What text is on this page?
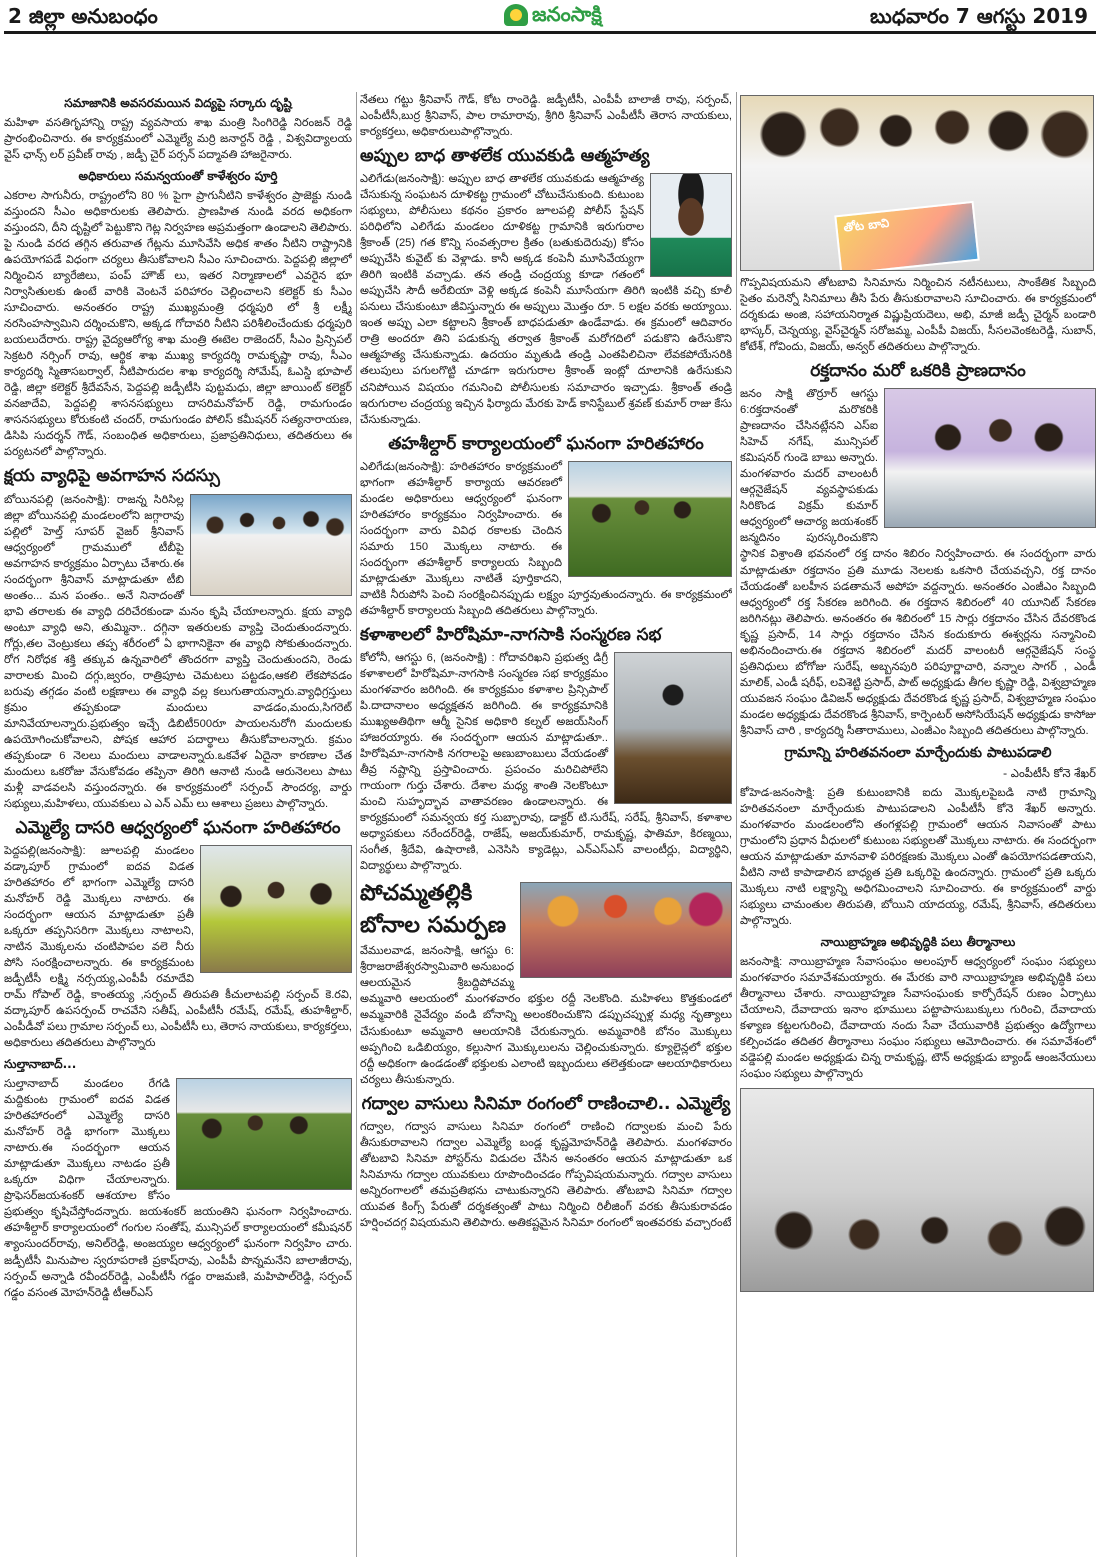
2 జిల్లా అనుబంధం	జనంసాక్షి	బుధవారం 7 ఆగస్టు 2019
సమాజానికి అవసరమయిన విద్యపై సర్కారు దృష్టి
మహిళా వసతిగృహాన్ని రాష్ట్ర వ్యవసాయ శాఖ మంత్రి సింగిరెడ్డి నిరంజన్ రెడ్డి ప్రారంభించినారు. ఈ కార్యక్రమంలో ఎమ్మెల్యే మర్రి జనార్దన్ రెడ్డి , విశ్వవిద్యాలయ వైస్ ఛాన్స్ లర్ ప్రవీణ్ రావు , జడ్పీ చైర్ పర్సన్ పద్మావతి హాజరైనారు.
అధికారులు సమన్వయంతో కాళేశ్వరం పూర్తి
ఎకరాల సాగునీరు, రాష్ట్రంలోని 80 % పైగా ప్రాగునీటిని కాళేశ్వరం ప్రాజెక్టు నుండి వస్తుందని సీఎం అధికారులకు తెలిపారు. ప్రాణహిత నుండి వరద అధికంగా వస్తుందని, దీని దృష్టిలో పెట్టుకొని గెట్ల నిర్వహణ అప్రమత్తంగా ఉండాలని తెలిపారు. పై నుండి వరద తగ్గిన తరువాత గేట్లను మూసివేసి అధిక శాతం నీటిని రాష్ట్రానికి ఉపయోగపడే విధంగా చర్యలు తీసుకోవాలని సీఎం సూచించారు. పెద్దపల్లి జిల్లాలో నిర్మించిన బ్యారేజిలు, పంప్ హౌజ్ లు, ఇతర నిర్మాణాలలో ఎవరైన భూ నిర్వాసితులకు ఉంటే వారికి వెంటనే పరిహారం చెల్లించాలని కలెక్టర్ కు సీఎం సూచించారు. అనంతరం రాష్ట్ర ముఖ్యమంత్రి ధర్మపురి లో శ్రీ లక్ష్మీ నరసింహస్వామిని దర్శించుకొని, అక్కడ గోదావరి నీటిని పరిశీలించేందుకు ధర్మపురి బయలుదేరారు. రాష్ట్ర వైద్యఆరోగ్య శాఖ మంత్రి ఈటెల రాజెందర్, సీఎం ప్రిన్సిపల్ సెక్రటరి నర్సింగ్ రావు, ఆర్థిక శాఖ ముఖ్య కార్యదర్శి రామకృష్ణా రావు, సీఎం కార్యదర్శి స్మితాసబర్వాల్, నీటిపారుదల శాఖ కార్యదర్శి సోమేష్, ఓఎస్డి భూపాల్ రెడ్డి, జిల్లా కలెక్టర్ శ్రీదేవసేన, పెద్దపల్లి జడ్పీటీసి పుట్టమధు, జిల్లా జాయింట్ కలెక్టర్ వనజాదేవి, పెద్దపల్లి శాసనసభ్యులు దాసరిమనోహర్ రెడ్డి, రామగుండం శాసనసభ్యులు కోరుకంటి చందర్, రామగుండం పోలిస్ కమీషనర్ సత్యనారాయణ, డిసిపి సుదర్శన్ గౌడ్, సంబంధిత అధికారులు, ప్రజాప్రతినిధులు, తదితరులు ఈ పర్యటనలో పాల్గొన్నారు.
క్షయ వ్యాధిపై అవగాహన సదస్సు
బోయినపల్లి (జనంసాక్షి): రాజన్న సిరిసిల్ల జిల్లా బోయినపల్లి మండలంలోని జగ్గారావు పల్లిలో హెల్త్ సూపర్ వైజర్ శ్రీనివాస్ ఆధ్వర్యంలో గ్రామములో టీబీపై అవగాహన కార్యక్రమం ఏర్పాటు చేశారు.ఈ సందర్భంగా శ్రీనివాస్ మాట్లాడుతూ టీబి అంతం... మన పంతం.. అనే నినాదంతో భావి తరాలకు ఈ వ్యాధి దరిచేరకుండా మనం కృషి చేయాలన్నారు. క్షయ వ్యాధి అంటూ వ్యాధి అని, తుమ్మినా.. దగ్గినా ఇతరులకు వ్యాప్తి చెందుతుందన్నారు. గోర్లు,తల వెంట్రుకలు తప్ప శరీరంలో ఏ భాగానికైనా ఈ వ్యాధి సోకుతుందన్నారు. రోగ నిరోధక శక్తి తక్కువ ఉన్నవారిలో తొందరగా వ్యాప్తి చెందుతుందని, రెండు వారాలకు మించి దగ్గు,జ్వరం, రాత్రిపూట చెమటలు పట్టడం,ఆకలి లేకపోవడం బరువు తగ్గడం వంటి లక్షణాలు ఈ వ్యాధి వల్ల కలుగుతాయన్నారు.వ్యాధిగ్రస్తులు క్రమం తప్పకుండా మందులు వాడడం,మందు,సిగరెట్ మానివేయాలన్నారు.ప్రభుత్వం ఇచ్చే డిబిటీ500రూ పాయలనురోగి మందులకు ఉపయోగించుకోవాలని, పోషక ఆహార పదార్థాలు తీసుకోవాలన్నారు. క్రమం తప్పకుండా 6 నెలలు మందులు వాడాలన్నారు.ఒకవేళ ఏదైనా కారణాల చేత మందులు ఒకరోజు వేసుకోవడం తప్పినా తిరిగి ఆనాటి నుండి ఆరునెలలు పాటు మళ్లీ వాడవలసి వస్తుందన్నారు. ఈ కార్యక్రమంలో సర్పంచ్ సౌందర్య, వార్డు సభ్యులు,మహిళలు, యువకులు ఎ ఎన్ ఎమ్ లు ఆశాలు ప్రజలు పాల్గొన్నారు.
ఎమ్మెల్యే దాసరి ఆధ్వర్యంలో ఘనంగా హరితహారం
పెద్దపల్లి(జనంసాక్షి): జూలపల్లి మండలం వడ్కాపూర్ గ్రామంలో ఐదవ విడత హరితహారం లో భాగంగా ఎమ్మెల్యే దాసరి మనోహర్ రెడ్డి మొక్కలు నాటారు. ఈ సందర్భంగా ఆయన మాట్లాడుతూ ప్రతీ ఒక్కరూ తప్పనిసరిగా మొక్కలు నాటాలని, నాటిన మొక్కలను చంటిపాపల వలె నీరు పోసి సంరక్షించాలన్నారు. ఈ కార్యక్రమంట జడ్పీటీసీ లక్ష్మి నర్సయ్య,ఎంపీపీ రమాదేవి రామ్ గోపాల్ రెడ్డి, కాంతయ్య ,సర్పంచ్ తిరుపతి కీచులాటపల్లి సర్పంచ్ కె.రవి, వద్కాపూర్ ఉపసర్పంచ్ రాచవేని సతీష్, ఎంపీటీసీ రమేష్, రమేష్, తుహశీల్దార్, ఎంపీడీవో పలు గ్రామాల సర్పంచ్ లు, ఎంపీటీసీ లు, తెరాస నాయకులు, కార్యకర్తలు, అధికారులు తదితరులు పాల్గొన్నారు
సుల్తానాబాద్...
సుల్తానాబాద్ మండలం రేగడి మద్దికుంట గ్రామంలో ఐదవ విడత హరితహారంలో ఎమ్మెల్యే దాసరి మనోహర్ రెడ్డి భాగంగా మొక్కలు నాటారు.ఈ సందర్భంగా ఆయన మాట్లాడుతూ మొక్కలు నాటడం ప్రతీ ఒక్కరూ విధిగా చేయాలన్నారు. ప్రొఫెసర్‌జయశంకర్ ఆశయాల కోసం ప్రభుత్వం కృషిచేస్తోందన్నారు. జయశంకర్ జయంతిని ఘనంగా నిర్వహించారు. తహశీల్దార్ కార్యాలయంలో గంగుల సంతోష్, మున్సిపల్ కార్యాలయంలో కమీషనర్ శ్యాంసుందర్‌రావు, అనిల్‌రెడ్డి, అంజయ్యల ఆధ్వర్యంలో ఘనంగా నిర్వహిం చారు. జడ్పీటీసీ మినుపాల స్వరూపరాణి ప్రకాష్‌రావు, ఎంపీపీ పొన్నమనేని బాలాజీరావు, సర్పంచ్ అన్నాడి రవీందర్‌రెడ్డి, ఎంపీటీసీ గడ్డం రాజమణి, మహిపాల్‌రెడ్డి, సర్పంచ్ గడ్డం వసంత మోహన్‌రెడ్డి టీఆర్ఎస్
నేతలు గట్టు శ్రీనివాస్ గౌడ్, కోట రాంరెడ్డి. జడ్పీటీసీ, ఎంపీపీ బాలాజీ రావు, సర్పంచ్, ఎంపీటీసీ,బుర్ర శ్రీనివాస్, పాల రామారావు, శ్రీగిరి శ్రీనివాస్ ఎంపీటీసీ తెరాస నాయకులు, కార్యకర్తలు, అధికారులుపాల్గొన్నారు.
అప్పుల బాధ తాళలేక యువకుడి ఆత్మహత్య
ఎలిగేడు(జనంసాక్షి): అప్పుల బాధ తాళలేక యువకుడు ఆత్మహత్య చేసుకున్న సంఘటన దూళికట్ట గ్రామంలో చోటుచేసుకుంది. కుటుంబ సభ్యులు, పోలీసులు కథనం ప్రకారం జూలపల్లి పోలీస్ స్టేషన్ పరిధిలోని ఎలిగేడు మండలం దూళికట్ట గ్రామానికి ఇరుగురాల శ్రీకాంత్ (25) గత కొన్ని సంవత్సరాల క్రితం (బతుకుదెరువు) కోసం అప్పుచేసి కువైట్ కు వెళ్లాడు. కానీ అక్కడ కంపెనీ మూసివేయ్యగా తిరిగి ఇంటికి వచ్చాడు. తన తండ్రి చంద్రయ్య కూడా గతంలో అప్పుచేసి సౌదీ అరేబియా వెళ్లి అక్కడ కంపెనీ మూసేయగా తిరిగి ఇంటికి వచ్చి కూలీ పనులు చేసుకుంటూ జీవిస్తున్నారు ఈ అప్పులు మొత్తం రూ. 5 లక్షల వరకు అయ్యాయి. ఇంత అప్పు ఎలా కట్టాలని శ్రీకాంత్ బాధపడుతూ ఉండేవాడు. ఈ క్రమంలో ఆదివారం రాత్రి అందరూ తిని పడుకున్న తర్వాత శ్రీకాంత్ మరోగదిలో పడుకొని ఉరేసుకొని ఆత్మహత్య చేసుకున్నాడు. ఉదయం మృతుడి తండ్రి ఎంతపిలిచినా లేవకపోయేసరికి తలుపులు పగులగొట్టి చూడగా ఇరుగురాల శ్రీకాంత్ ఇంట్లో దూలానికి ఉరేసుకుని చనిపోయిన విషయం గమనించి పోలీసులకు సమాచారం ఇచ్చాడు. శ్రీకాంత్ తండ్రి ఇరుగురాల చంద్రయ్య ఇచ్చిన ఫిర్యాదు మేరకు హెడ్ కానిస్టేబుల్ శ్రవణ్ కుమార్ రాజు కేసు చేసుకున్నాడు.
తహశీల్దార్ కార్యాలయంలో ఘనంగా హరితహారం
ఎలిగేడు(జనంసాక్షి): హరితహారం కార్యక్రమంలో భాగంగా తహశీల్దార్ కార్యాయ ఆవరణలో మండల అధికారులు ఆధ్వర్యంలో ఘనంగా హరితహారం కార్యక్రమం నిర్వహించారు. ఈ సందర్భంగా వారు వివిధ రకాలకు చెందిన సమారు 150 మొక్కలు నాటారు. ఈ సందర్భంగా తహశీల్దార్ కార్యాలయ సిబ్బంది మాట్లాడుతూ మొక్కలు నాటితే పూర్తికాదని, వాటికి నీరుపోసి పెంచి సంరక్షించినప్పుడు లక్ష్యం పూర్తవుతుందన్నారు. ఈ కార్యక్రమంలో తహశీల్దార్ కార్యాలయ సిబ్బంది తదితరులు పాల్గొన్నారు.
కళాశాలలో హిరోషిమా-నాగసాకి సంస్మరణ సభ
కోలోనీ, ఆగస్టు 6, (జనంసాక్షి) : గోదావరిఖని ప్రభుత్వ డిగ్రీ కళాశాలలో హిరోషిమా-నాగసాకి సంస్మరణ సభ కార్యక్రమం మంగళవారం జరిగింది. ఈ కార్యక్రమం కళాశాల ప్రిన్సిపాల్ పి.దాదానాలం అధ్యక్షతన జరిగింది. ఈ కార్యక్రమానికి ముఖ్యఅతిథిగా ఆర్మీ సైనిక అధికారి కల్నల్ అజయ్‌సింగ్ హాజరయ్యారు. ఈ సందర్భంగా ఆయన మాట్లాడుతూ.. హిరోషిమా-నాగసాకి నగరాలపై అణుబాంబులు వేయడంతో తీవ్ర నష్టాన్ని ప్రస్తావించారు. ప్రపంచం మరిచిపోలేని గాయంగా గుర్తు చేశారు. దేశాల మధ్య శాంతి నెలకొంటూ మంచి సుహృద్భావ వాతావరణం ఉండాలన్నారు. ఈ కార్యక్రమంలో సమన్వయ కర్త సుబ్బారావు, డాక్టర్ టి.సురేష్, సరేష్, శ్రీనివాస్, కళాశాల అధ్యాపకులు నరేందర్‌రెడ్డి, రాజేష్, అజయ్‌కుమార్, రామకృష్ణ, ఫాతిమా, కిరణ్మయి, సంగీత, శ్రీదేవి, ఉషారాణి, ఎనెసిసి క్యాడెట్లు, ఎన్ఎస్ఎస్ వాలంటీర్లు, విద్యార్థిని, విద్యార్థులు పాల్గొన్నారు.
పోచమ్మతల్లికి
బోనాల సమర్పణ
వేములవాడ, జనంసాక్షి, ఆగస్టు 6: శ్రీరాజరాజేశ్వరస్వామివారి అనుబంధ ఆలయమైన శ్రీబద్దిపోచమ్మ అమ్మవారి ఆలయంలో మంగళవారం భక్తుల రద్దీ నెలకొంది. మహిళలు కొత్తకుండలో అమ్మవారికి నైవేద్యం వండి బోనాన్ని అలంకరించుకొని డప్పుచప్పుళ్ల మధ్య నృత్యాలు చేసుకుంటూ అమ్మవారి ఆలయానికి చేరుకున్నారు. అమ్మవారికి బోనం మొక్కులు అప్పగించి ఒడిబియ్యం, కల్లుసాగ మొక్కులులను చెల్లించుకున్నారు. క్యూలైన్లలో భక్తుల రద్దీ అధికంగా ఉండడంతో భక్తులకు ఎలాంటి ఇబ్బందులు తలెత్తకుండా ఆలయాధికారులు చర్యలు తీసుకున్నారు.
గద్వాల వాసులు సినిమా రంగంలో రాణించాలి.. ఎమ్మెల్యే
గద్వాల, గద్వాస వాసులు సినిమా రంగంలో రాణించి గద్వాలకు మంచి పేరు తీసుకురావాలని గద్వాల ఎమ్మెల్యే బండ్ల కృష్ణమోహన్‌రెడ్డి తెలిపారు. మంగళవారం తోటబావి సినిమా పోస్టర్‌ను విడుదల చేసిన అనంతరం ఆయన మాట్లాడుతూ ఒక సినిమాను గద్వాల యువకులు రూపొందించడం గోప్పవిషయమన్నారు. గద్వాల వాసులు అన్నిరంగాలలో తమప్రతిభను చాటుకున్నారని తెలిపారు. తోటబావి సినిమా గద్వాల యువత కింగ్స్ పేరుతో దర్శకత్వంతో పాటు నిర్మించి రిలీజింగ్ వరకు తీసుకురావడం హర్షించదగ్గ విషయమని తెలిపారు. అతికష్టమైన సినిమా రంగంలో ఇంతవరకు వచ్చారంటే
తోట బావి
గొప్పవిషయమని తోటబావి సినిమాను నిర్మించిన నటీనటులు, సాంకేతిక సిబ్బంది సైతం మరెన్నో సినిమాలు తీసి పేరు తీసుకురావాలని సూచించారు. ఈ కార్యక్రమంలో దర్శకుడు అంజి, సహాయనిర్మాత విష్ణుప్రియదెలు, అభి, మాజీ జడ్పీ చైర్మన్ బండారి భాస్కర్, చెన్నయ్య, వైస్‌చైర్మన్ సరోజమ్మ, ఎంపీపీ విజయ్, సీసలవెంకటరెడ్డి, సుబాన్, కోటేశ్, గోవిందు, విజయ్, అన్వర్ తదితరులు పాల్గొన్నారు.
రక్తదానం మరో ఒకరికి ప్రాణదానం
జనం సాక్షి తొర్రూర్ ఆగస్టు 6:రక్తదానంతో మరొకరికి ప్రాణదానం చేసినట్లేనని ఎస్‌ఐ సిహెచ్ నగేష్, మున్సిపల్ కమిషనర్ గుండె బాబు అన్నారు. మంగళవారం మదర్ వాలంటరీ ఆర్గనైజేషన్ వ్యవస్థాపకుడు సిరికొండ విక్రమ్ కుమార్ ఆధ్వర్యంలో ఆచార్య జయశంకర్ జన్మదినం పురస్కరించుకొని స్థానిక విశ్రాంతి భవనంలో రక్త దానం శిబిరం నిర్వహించారు. ఈ సందర్భంగా వారు మాట్లాడుతూ రక్తదానం ప్రతి మూడు నెలలకు ఒకసారి చేయవచ్చని, రక్త దానం చేయడంతో బలహీన పడతామనే అపోహ వద్దన్నారు. అనంతరం ఎంజీఎం సిబ్బంది ఆధ్వర్యంలో రక్త సేకరణ జరిగింది. ఈ రక్తదాన శిబిరంలో 40 యూనిట్ సేకరణ జరిగినట్లు తెలిపారు. అనంతరం ఈ శిబిరంలో 15 సార్లు రక్తదానం చేసిన దేవరకొండ కృష్ణ ప్రసాద్, 14 సార్లు రక్తదానం చేసిన కందుకూరు ఈశ్వర్లను సన్మానించి అభినందించారు.ఈ రక్తదాన శిబిరంలో మదర్ వాలంటరీ ఆర్గనైజేషన్ సంస్థ ప్రతినిధులు బోగోజు సురేష్, అబ్బనపురి పరిపూర్ణాచారి, వన్నాల సాగర్ , ఎండీ మాలిక్, ఎండీ షరీఫ్, లవిశెట్టి ప్రసాద్, పాట్ అధ్యక్షుడు తీగల కృష్ణా రెడ్డి, విశ్వబ్రాహ్మణ యువజన సంఘం డివిజన్ అధ్యక్షుడు దేవరకొండ కృష్ణ ప్రసాద్, విశ్వబ్రాహ్మణ సంఘం మండల అధ్యక్షుడు దేవరకొండ శ్రీనివాస్, కార్పెంటర్ అసోసియేషన్ అధ్యక్షుడు కాసోజు శ్రీనివాస్ చారి , కార్యదర్శి సీతారాములు, ఎంజీఎం సిబ్బంది తదితరులు పాల్గొన్నారు.
గ్రామాన్ని హరితవనంలా మార్చేందుకు పాటుపడాలి
- ఎంపీటీసీ కోనె శేఖర్
కోహెడ-జనంసాక్షి: ప్రతి కుటుంబానికి ఐదు మొక్కలపైబడి నాటి గ్రామాన్ని హరితవనంలా మార్చేందుకు పాటుపడాలని ఎంపీటీసీ కోనె శేఖర్ అన్నారు. మంగళవారం మండలంలోని తంగళ్లపల్లి గ్రామంలో ఆయన నివాసంతో పాటు గ్రామంలోని ప్రధాన వీధులలో కుటుంబ సభ్యులతో మొక్కలు నాటారు. ఈ సందర్భంగా ఆయన మాట్లాడుతూ మానవాళి పరిరక్షణకు మొక్కలు ఎంతో ఉపయోగపడతాయని, వీటిని నాటి కాపాడాలిన బాధ్యత ప్రతి ఒక్కరిపై ఉందన్నారు. గ్రామంలో ప్రతి ఒక్కరు మొక్కలు నాటి లక్ష్యాన్ని అధిగమించాలని సూచించారు. ఈ కార్యక్రమంలో వార్డు సభ్యులు చామంతుల తిరుపతి, బోయిని యాదయ్య, రమేష్, శ్రీనివాస్, తదితరులు పాల్గొన్నారు.
నాయిబ్రాహ్మణ అభివృద్ధికి పలు తీర్మానాలు
జనంసాక్షి: నాయిబ్రాహ్మణ సేవాసంఘం అలంపూర్ ఆధ్వర్యంలో సంఘం సభ్యులు మంగళవారం సమావేశమయ్యారు. ఈ మేరకు వారి నాయిబ్రాహ్మణ అభివృద్ధికి పలు తీర్మానాలు చేశారు. నాయిబ్రాహ్మణ సేవాసంఘంకు కార్పోరేషన్ రుణం ఏర్పాటు చేయాలని, దేవాదాయ ఇనాం భూములు పట్టాపాసుబుక్కులు గురించి, దేవాదాయ కళ్యాణ కట్టలగురించి, దేవాదాయ నందు సేవా చేయువారికి ప్రభుత్వం ఉద్యోగాలు కల్పించడం తదితర తీర్మానాలు సంఘం సభ్యులు ఆమోదించారు. ఈ సమావేశంలో వడ్డెపల్లి మండల అధ్యక్షుడు చిన్న రామకృష్ణ, టౌన్ అధ్యక్షుడు బ్యాండ్ ఆంజనేయులు సంఘం సభ్యులు పాల్గొన్నారు
